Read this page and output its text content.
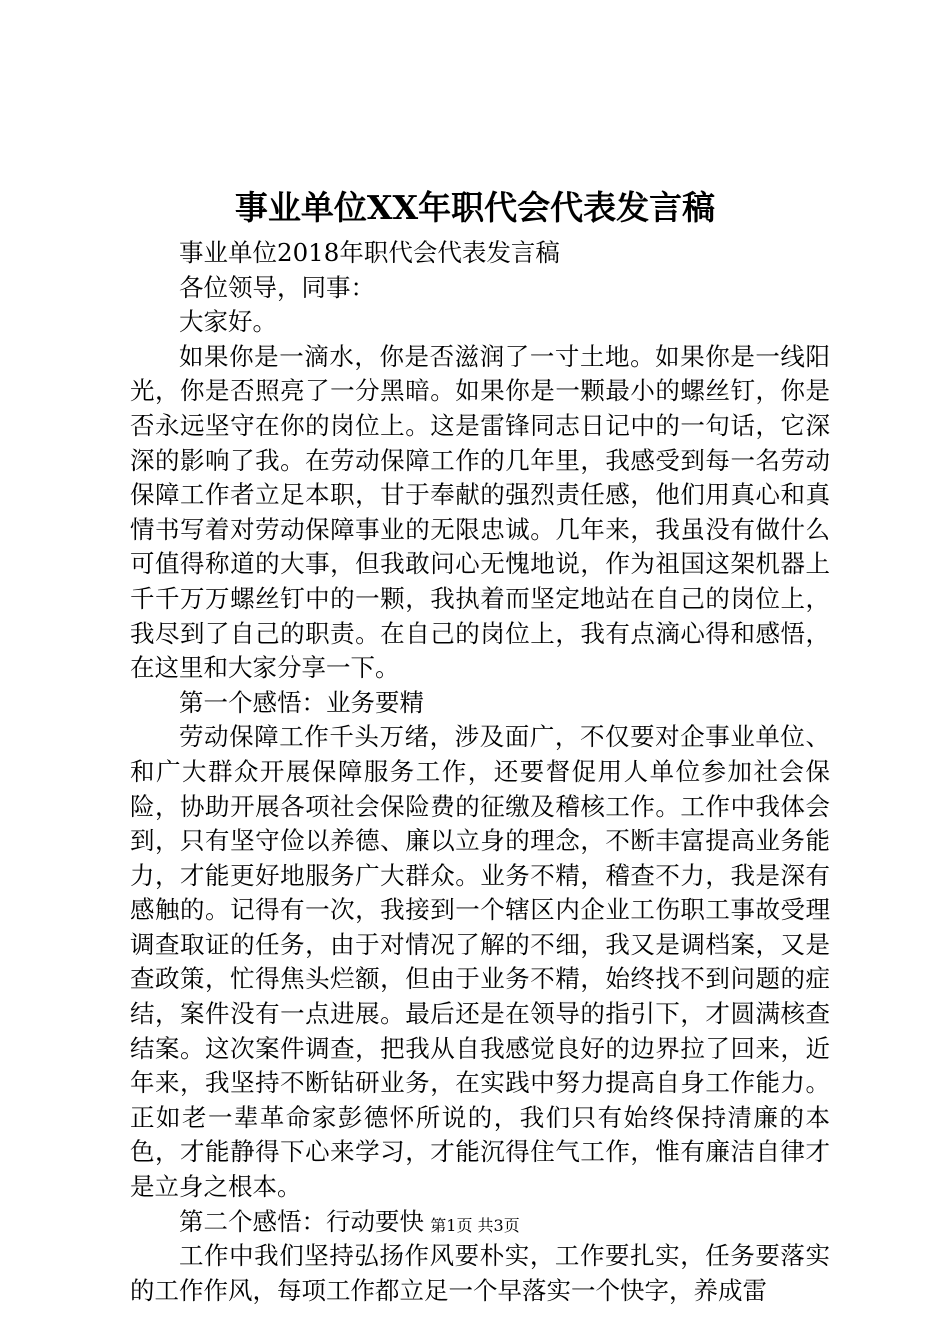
事业单位XX年职代会代表发言稿

事业单位2018年职代会代表发言稿

各位领导，同事：

大家好。

如果你是一滴水，你是否滋润了一寸土地。如果你是一线阳光，你是否照亮了一分黑暗。如果你是一颗最小的螺丝钉，你是否永远坚守在你的岗位上。这是雷锋同志日记中的一句话，它深深的影响了我。在劳动保障工作的几年里，我感受到每一名劳动保障工作者立足本职，甘于奉献的强烈责任感，他们用真心和真情书写着对劳动保障事业的无限忠诚。几年来，我虽没有做什么可值得称道的大事，但我敢问心无愧地说，作为祖国这架机器上千千万万螺丝钉中的一颗，我执着而坚定地站在自己的岗位上，我尽到了自己的职责。在自己的岗位上，我有点滴心得和感悟，在这里和大家分享一下。

第一个感悟：业务要精

劳动保障工作千头万绪，涉及面广，不仅要对企事业单位、和广大群众开展保障服务工作，还要督促用人单位参加社会保险，协助开展各项社会保险费的征缴及稽核工作。工作中我体会到，只有坚守俭以养德、廉以立身的理念，不断丰富提高业务能力，才能更好地服务广大群众。业务不精，稽查不力，我是深有感触的。记得有一次，我接到一个辖区内企业工伤职工事故受理调查取证的任务，由于对情况了解的不细，我又是调档案，又是查政策，忙得焦头烂额，但由于业务不精，始终找不到问题的症结，案件没有一点进展。最后还是在领导的指引下，才圆满核查结案。这次案件调查，把我从自我感觉良好的边界拉了回来，近年来，我坚持不断钻研业务，在实践中努力提高自身工作能力。正如老一辈革命家彭德怀所说的，我们只有始终保持清廉的本色，才能静得下心来学习，才能沉得住气工作，惟有廉洁自律才是立身之根本。

第二个感悟：行动要快

工作中我们坚持弘扬作风要朴实，工作要扎实，任务要落实的工作作风，每项工作都立足一个早落实一个快字，养成雷

第1页 共3页
